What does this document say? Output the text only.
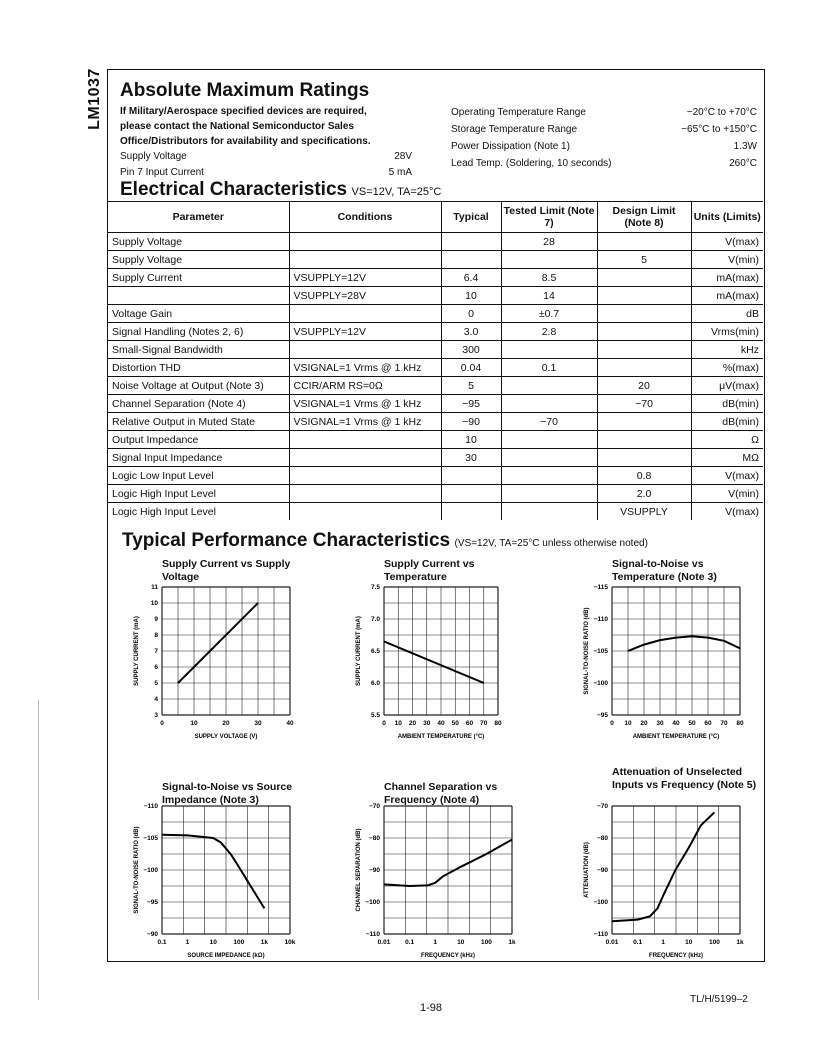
LM1037 Absolute Maximum Ratings
If Military/Aerospace specified devices are required,
please contact the National Semiconductor Sales
Office/Distributors for availability and specifications.
Supply Voltage	28V
Pin 7 Input Current	5 mA
Operating Temperature Range	−20°C to +70°C
Storage Temperature Range	−65°C to +150°C
Power Dissipation (Note 1)	1.3W
Lead Temp. (Soldering, 10 seconds)	260°C
Electrical Characteristics VS=12V, TA=25°C
Parameter	Conditions	Typical	Tested Limit (Note 7)	Design Limit (Note 8)	Units (Limits)
Supply Voltage			28		V(max)
Supply Voltage				5	V(min)
Supply Current	VSUPPLY=12V	6.4	8.5		mA(max)
	VSUPPLY=28V	10	14		mA(max)
Voltage Gain		0	±0.7		dB
Signal Handling (Notes 2, 6)	VSUPPLY=12V	3.0	2.8		Vrms(min)
Small-Signal Bandwidth		300			kHz
Distortion THD	VSIGNAL=1 Vrms @ 1 kHz	0.04	0.1		%(max)
Noise Voltage at Output (Note 3)	CCIR/ARM RS=0Ω	5		20	μV(max)
Channel Separation (Note 4)	VSIGNAL=1 Vrms @ 1 kHz	−95		−70	dB(min)
Relative Output in Muted State	VSIGNAL=1 Vrms @ 1 kHz	−90	−70		dB(min)
Output Impedance		10			Ω
Signal Input Impedance		30			MΩ
Logic Low Input Level				0.8	V(max)
Logic High Input Level				2.0	V(min)
Logic High Input Level				VSUPPLY	V(max)
Typical Performance Characteristics (VS=12V, TA=25°C unless otherwise noted)
Supply Current vs Supply Voltage
Supply Current vs Temperature
Signal-to-Noise vs Temperature (Note 3)
Signal-to-Noise vs Source Impedance (Note 3)
Channel Separation vs Frequency (Note 4)
Attenuation of Unselected Inputs vs Frequency (Note 5)
0	10	20	30	40
3
4
5
6
7
8
9
10
11
SUPPLY VOLTAGE (V)
SUPPLY CURRENT (mA)
0 10 20 30 40 50 60 70 80
5.5
6.0
6.5
7.0
7.5
AMBIENT TEMPERATURE (°C)
SUPPLY CURRENT (mA)
0 10 20 30 40 50 60 70 80
−95
−100
−105
−110
−115
AMBIENT TEMPERATURE (°C)
SIGNAL-TO-NOISE RATIO (dB)
0.1	1	10	100	1k	10k
−90
−95
−100
−105
−110
SOURCE IMPEDANCE (kΩ)
SIGNAL-TO-NOISE RATIO (dB)
0.01 0.1	1	10	100	1k
−110
−100
−90
−80
−70
FREQUENCY (kHz)
CHANNEL SEPARATION (dB)
0.01 0.1	1	10	100	1k
−110
−100
−90
−80
−70
FREQUENCY (kHz)
ATTENUATION (dB)
TL/H/5199–2
1-98
